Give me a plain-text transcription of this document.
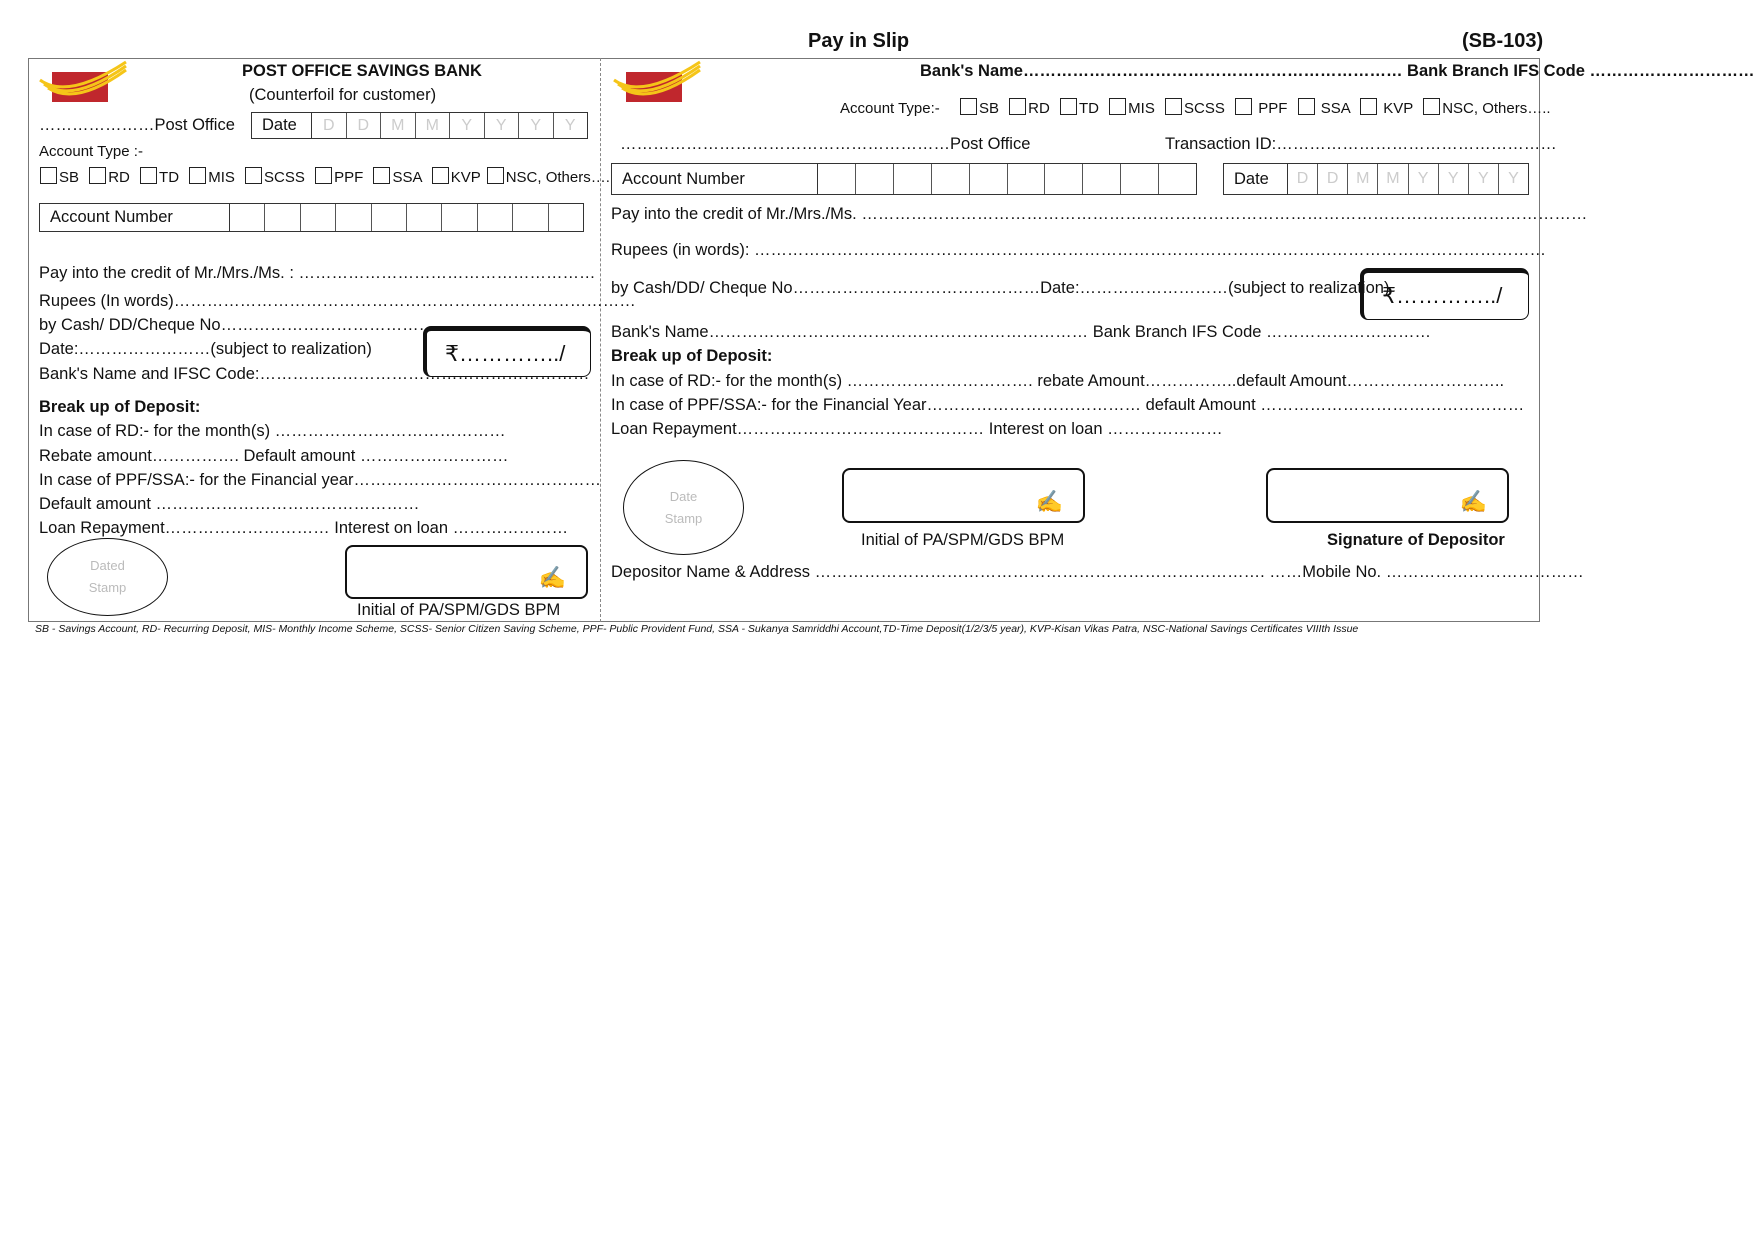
Pay in Slip	(SB-103)
POST OFFICE SAVINGS BANK
(Counterfoil for customer)
…………………Post Office	Date	D	D	M	M	Y	Y	Y	Y
Account Type :-
SB RD TD MIS SCSS PPF SSA KVP NSC, Others….
Account Number
Pay into the credit of Mr./Mrs./Ms. : ………………………………………………
Rupees (In words)…………………………………………………………………………
by Cash/ DD/Cheque No……………………………………
Date:……………………(subject to realization)
Bank's Name and IFSC Code:……………………………………………………
₹…………../
Break up of Deposit:
In case of RD:- for the month(s) ……………………………………
Rebate amount……………. Default amount ………………………
In case of PPF/SSA:- for the Financial year………………………………………
Default amount …………………………………………
Loan Repayment………………………… Interest on loan …………………
Dated Stamp	✍
Initial of PA/SPM/GDS BPM
Bank's Name…………………………………………………………… Bank Branch IFS Code …………………………
Account Type:-	SB RD TD MIS SCSS PPF SSA KVP NSC, Others…..
……………………………………………………Post Office	Transaction ID:……………………………………………
Account Number	Date	D	D	M	M	Y	Y	Y	Y
Pay into the credit of Mr./Mrs./Ms. ……………………………………………………………………………………………………………………
Rupees (in words): ………………………………………………………………………………………………………………………………
by Cash/DD/ Cheque No………………………………………Date:………………………(subject to realization)
₹…………../
Bank's Name…………………………………………………………… Bank Branch IFS Code …………………………
Break up of Deposit:
In case of RD:- for the month(s) ……………………………. rebate Amount……………..default Amount………………………..
In case of PPF/SSA:- for the Financial Year………………………………… default Amount …………………………………………
Loan Repayment……………………………………… Interest on loan …………………
Date Stamp
✍
Initial of PA/SPM/GDS BPM
✍
Signature of Depositor
Depositor Name & Address ………………………………………………………………………. ……Mobile No. ………………………………
SB - Savings Account, RD- Recurring Deposit, MIS- Monthly Income Scheme, SCSS- Senior Citizen Saving Scheme, PPF- Public Provident Fund, SSA - Sukanya Samriddhi Account,TD-Time Deposit(1/2/3/5 year), KVP-Kisan Vikas Patra, NSC-National Savings Certificates VIIIth Issue
